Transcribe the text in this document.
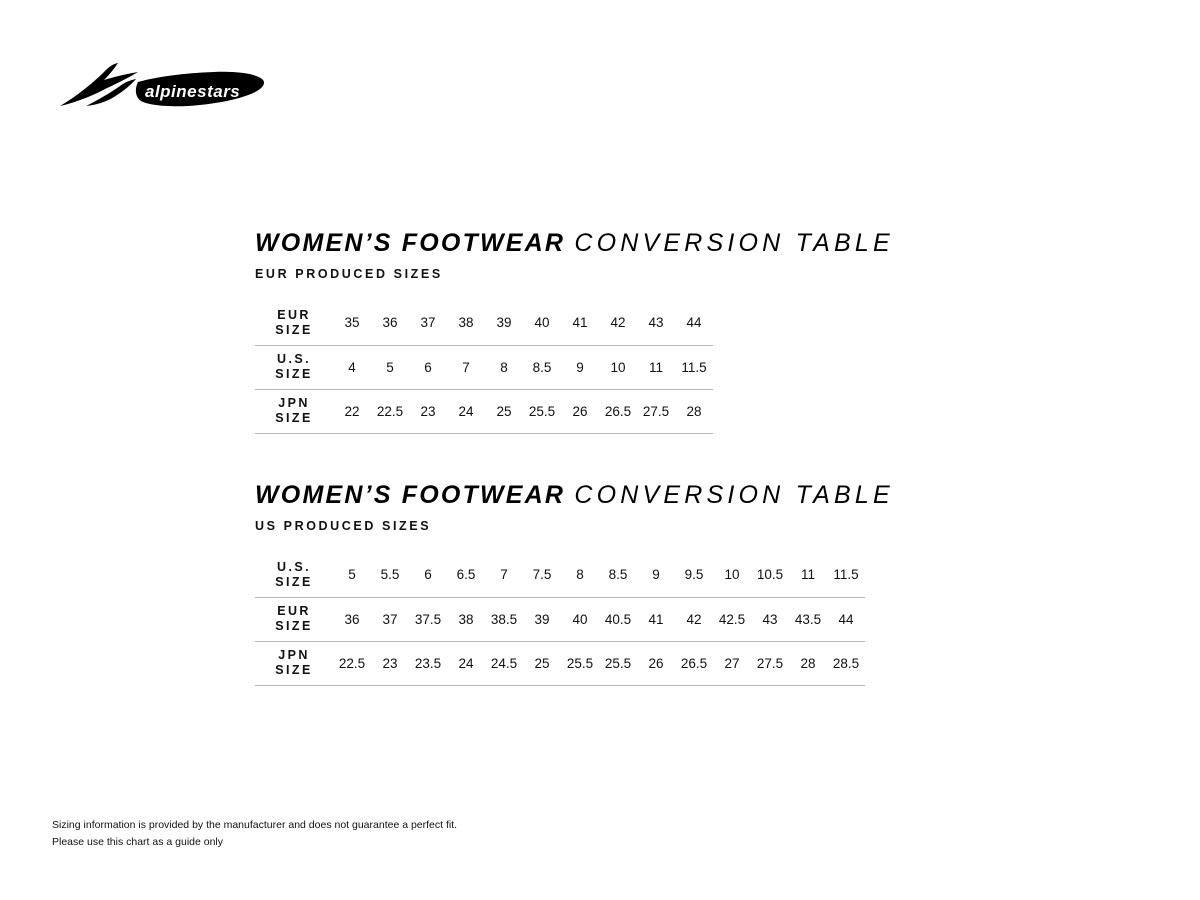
alpinestars
WOMEN’S FOOTWEAR CONVERSION TABLE
EUR PRODUCED SIZES
EUR
SIZE	35	36	37	38	39	40	41	42	43	44
U.S.
SIZE	4	5	6	7	8	8.5	9	10	11	11.5
JPN
SIZE	22	22.5	23	24	25	25.5	26	26.5	27.5	28
WOMEN’S FOOTWEAR CONVERSION TABLE
US PRODUCED SIZES
U.S.
SIZE	5	5.5	6	6.5	7	7.5	8	8.5	9	9.5	10	10.5	11	11.5
EUR
SIZE	36	37	37.5	38	38.5	39	40	40.5	41	42	42.5	43	43.5	44
JPN
SIZE	22.5	23	23.5	24	24.5	25	25.5	25.5	26	26.5	27	27.5	28	28.5
Sizing information is provided by the manufacturer and does not guarantee a perfect fit.
Please use this chart as a guide only
